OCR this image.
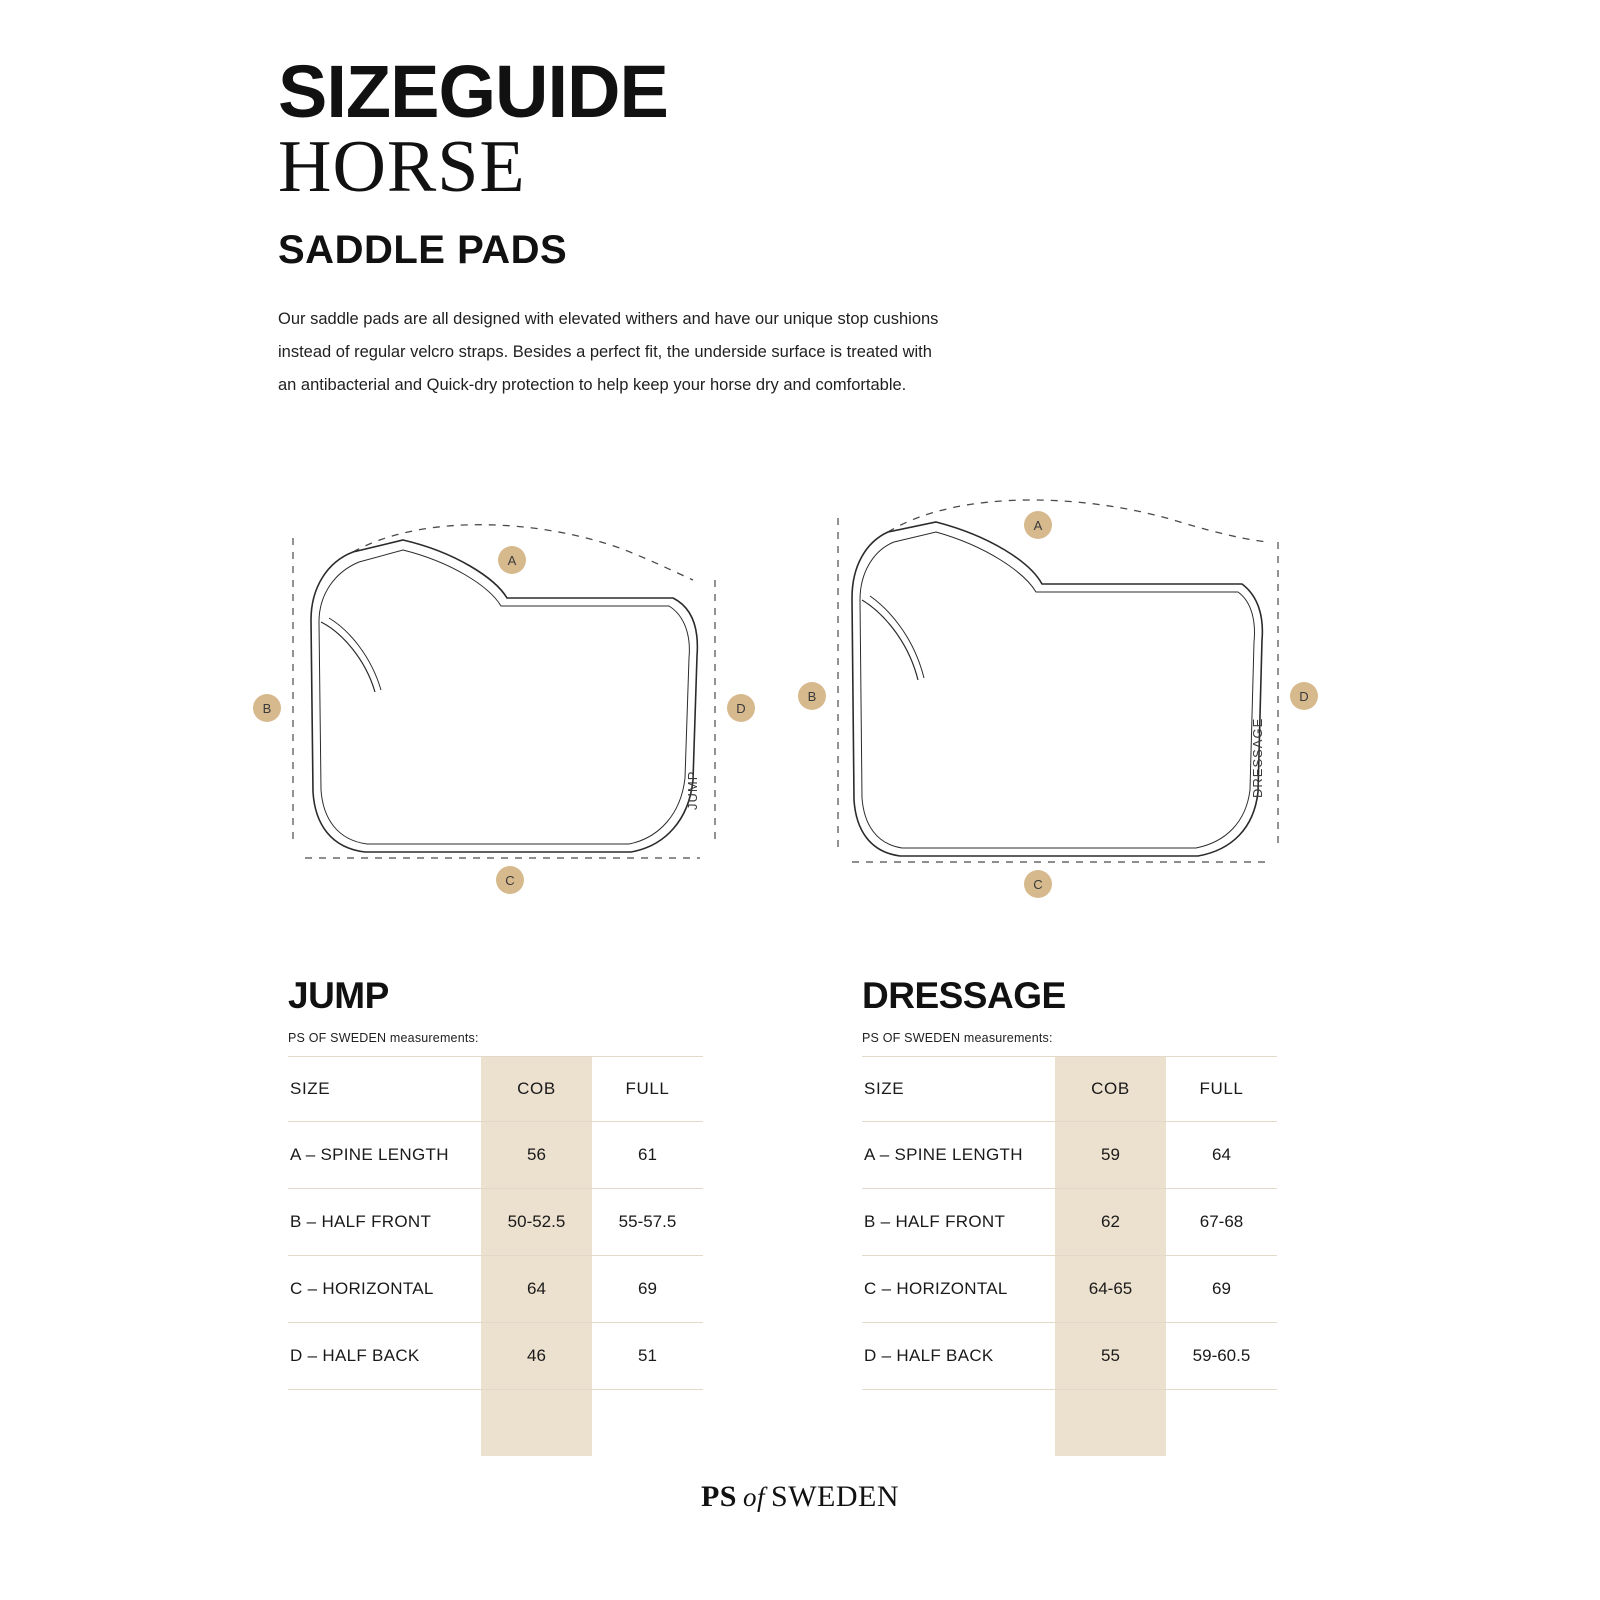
SIZEGUIDE
HORSE
SADDLE PADS

Our saddle pads are all designed with elevated withers and have our unique stop cushions

instead of regular velcro straps. Besides a perfect fit, the underside surface is treated with

an antibacterial and Quick-dry protection to help keep your horse dry and comfortable.

JUMP
A
B
C
D
DRESSAGE
A
B
C
D
JUMP

PS OF SWEDEN measurements:

SIZE	COB	FULL
A – SPINE LENGTH	56	61
B – HALF FRONT	50-52.5	55-57.5
C – HORIZONTAL	64	69
D – HALF BACK	46	51

DRESSAGE

PS OF SWEDEN measurements:

SIZE	COB	FULL
A – SPINE LENGTH	59	64
B – HALF FRONT	62	67-68
C – HORIZONTAL	64-65	69
D – HALF BACK	55	59-60.5

PS of SWEDEN
